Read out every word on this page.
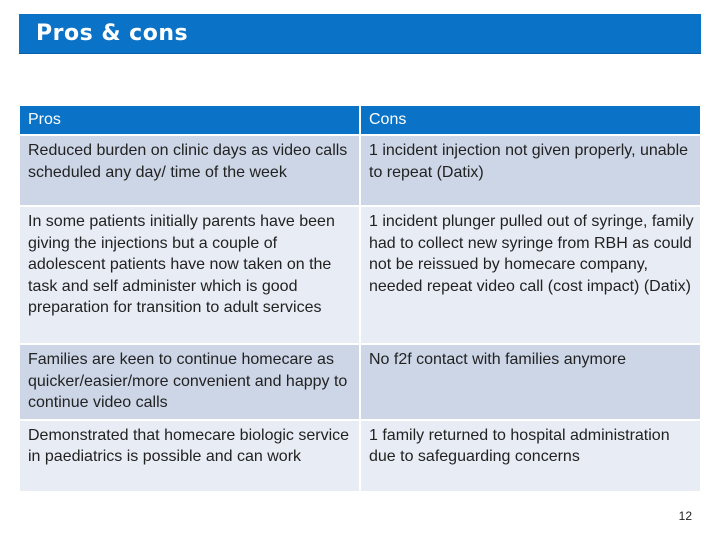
Pros & cons
Pros	Cons
Reduced burden on clinic days as video calls scheduled any day/ time of the week	1 incident injection not given properly, unable to repeat (Datix)
In some patients initially parents have been giving the injections but a couple of adolescent patients have now taken on the task and self administer which is good preparation for transition to adult services	1 incident plunger pulled out of syringe, family had to collect new syringe from RBH as could not be reissued by homecare company, needed repeat video call (cost impact) (Datix)
Families are keen to continue homecare as quicker/easier/more convenient and happy to continue video calls	No f2f contact with families anymore
Demonstrated that homecare biologic service in paediatrics is possible and can work	1 family returned to hospital administration due to safeguarding concerns
12
